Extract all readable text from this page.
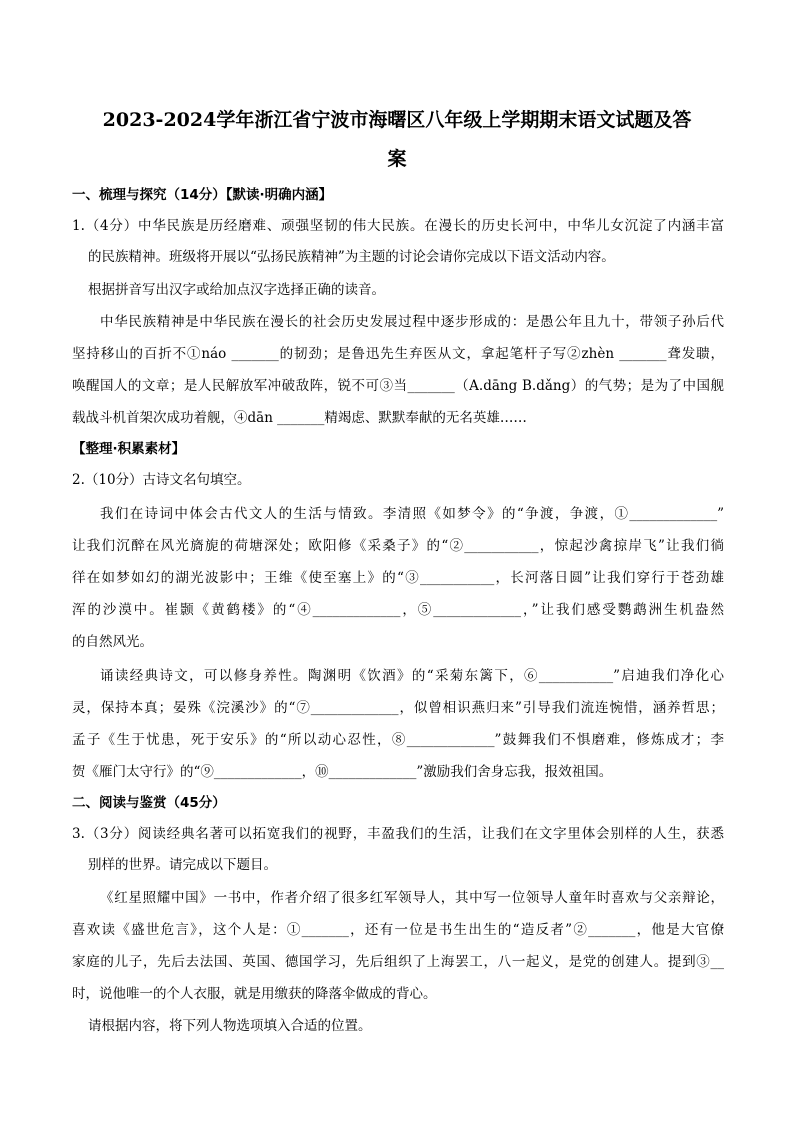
2023-2024学年浙江省宁波市海曙区八年级上学期期末语文试题及答
案
一、梳理与探究（14分）【默读·明确内涵】
1.（4分）中华民族是历经磨难、顽强坚韧的伟大民族。在漫长的历史长河中，中华儿女沉淀了内涵丰富
的民族精神。班级将开展以“弘扬民族精神”为主题的讨论会请你完成以下语文活动内容。
根据拼音写出汉字或给加点汉字选择正确的读音。
中华民族精神是中华民族在漫长的社会历史发展过程中逐步形成的：是愚公年且九十，带领子孙后代
坚持移山的百折不①náo _______的韧劲；是鲁迅先生弃医从文，拿起笔杆子写②zhèn _______聋发聩，
唤醒国人的文章；是人民解放军冲破敌阵，锐不可③当_______（A.dāng B.dǎng）的气势；是为了中国舰
载战斗机首架次成功着舰，④dān _______精竭虑、默默奉献的无名英雄……
【整理·积累素材】
2.（10分）古诗文名句填空。
我们在诗词中体会古代文人的生活与情致。李清照《如梦令》的“争渡，争渡，①_____________”
让我们沉醉在风光旖旎的荷塘深处；欧阳修《采桑子》的“②___________，惊起沙禽掠岸飞”让我们徜
徉在如梦如幻的湖光波影中；王维《使至塞上》的“③___________，长河落日圆”让我们穿行于苍劲雄
浑的沙漠中。崔颢《黄鹤楼》的“④_____________，⑤_____________，”让我们感受鹦鹉洲生机盎然
的自然风光。
诵读经典诗文，可以修身养性。陶渊明《饮酒》的“采菊东篱下，⑥___________”启迪我们净化心
灵，保持本真；晏殊《浣溪沙》的“⑦_____________，似曾相识燕归来”引导我们流连惋惜，涵养哲思；
孟子《生于忧患，死于安乐》的“所以动心忍性，⑧_____________”鼓舞我们不惧磨难，修炼成才；李
贺《雁门太守行》的“⑨_____________，⑩_____________”激励我们舍身忘我，报效祖国。
二、阅读与鉴赏（45分）
3.（3分）阅读经典名著可以拓宽我们的视野，丰盈我们的生活，让我们在文字里体会别样的人生，获悉
别样的世界。请完成以下题目。
《红星照耀中国》一书中，作者介绍了很多红军领导人，其中写一位领导人童年时喜欢与父亲辩论，
喜欢读《盛世危言》，这个人是：①_______，还有一位是书生出生的“造反者”②_______，他是大官僚
家庭的儿子，先后去法国、英国、德国学习，先后组织了上海罢工，八一起义，是党的创建人。提到③__
时，说他唯一的个人衣服，就是用缴获的降落伞做成的背心。
请根据内容，将下列人物选项填入合适的位置。
